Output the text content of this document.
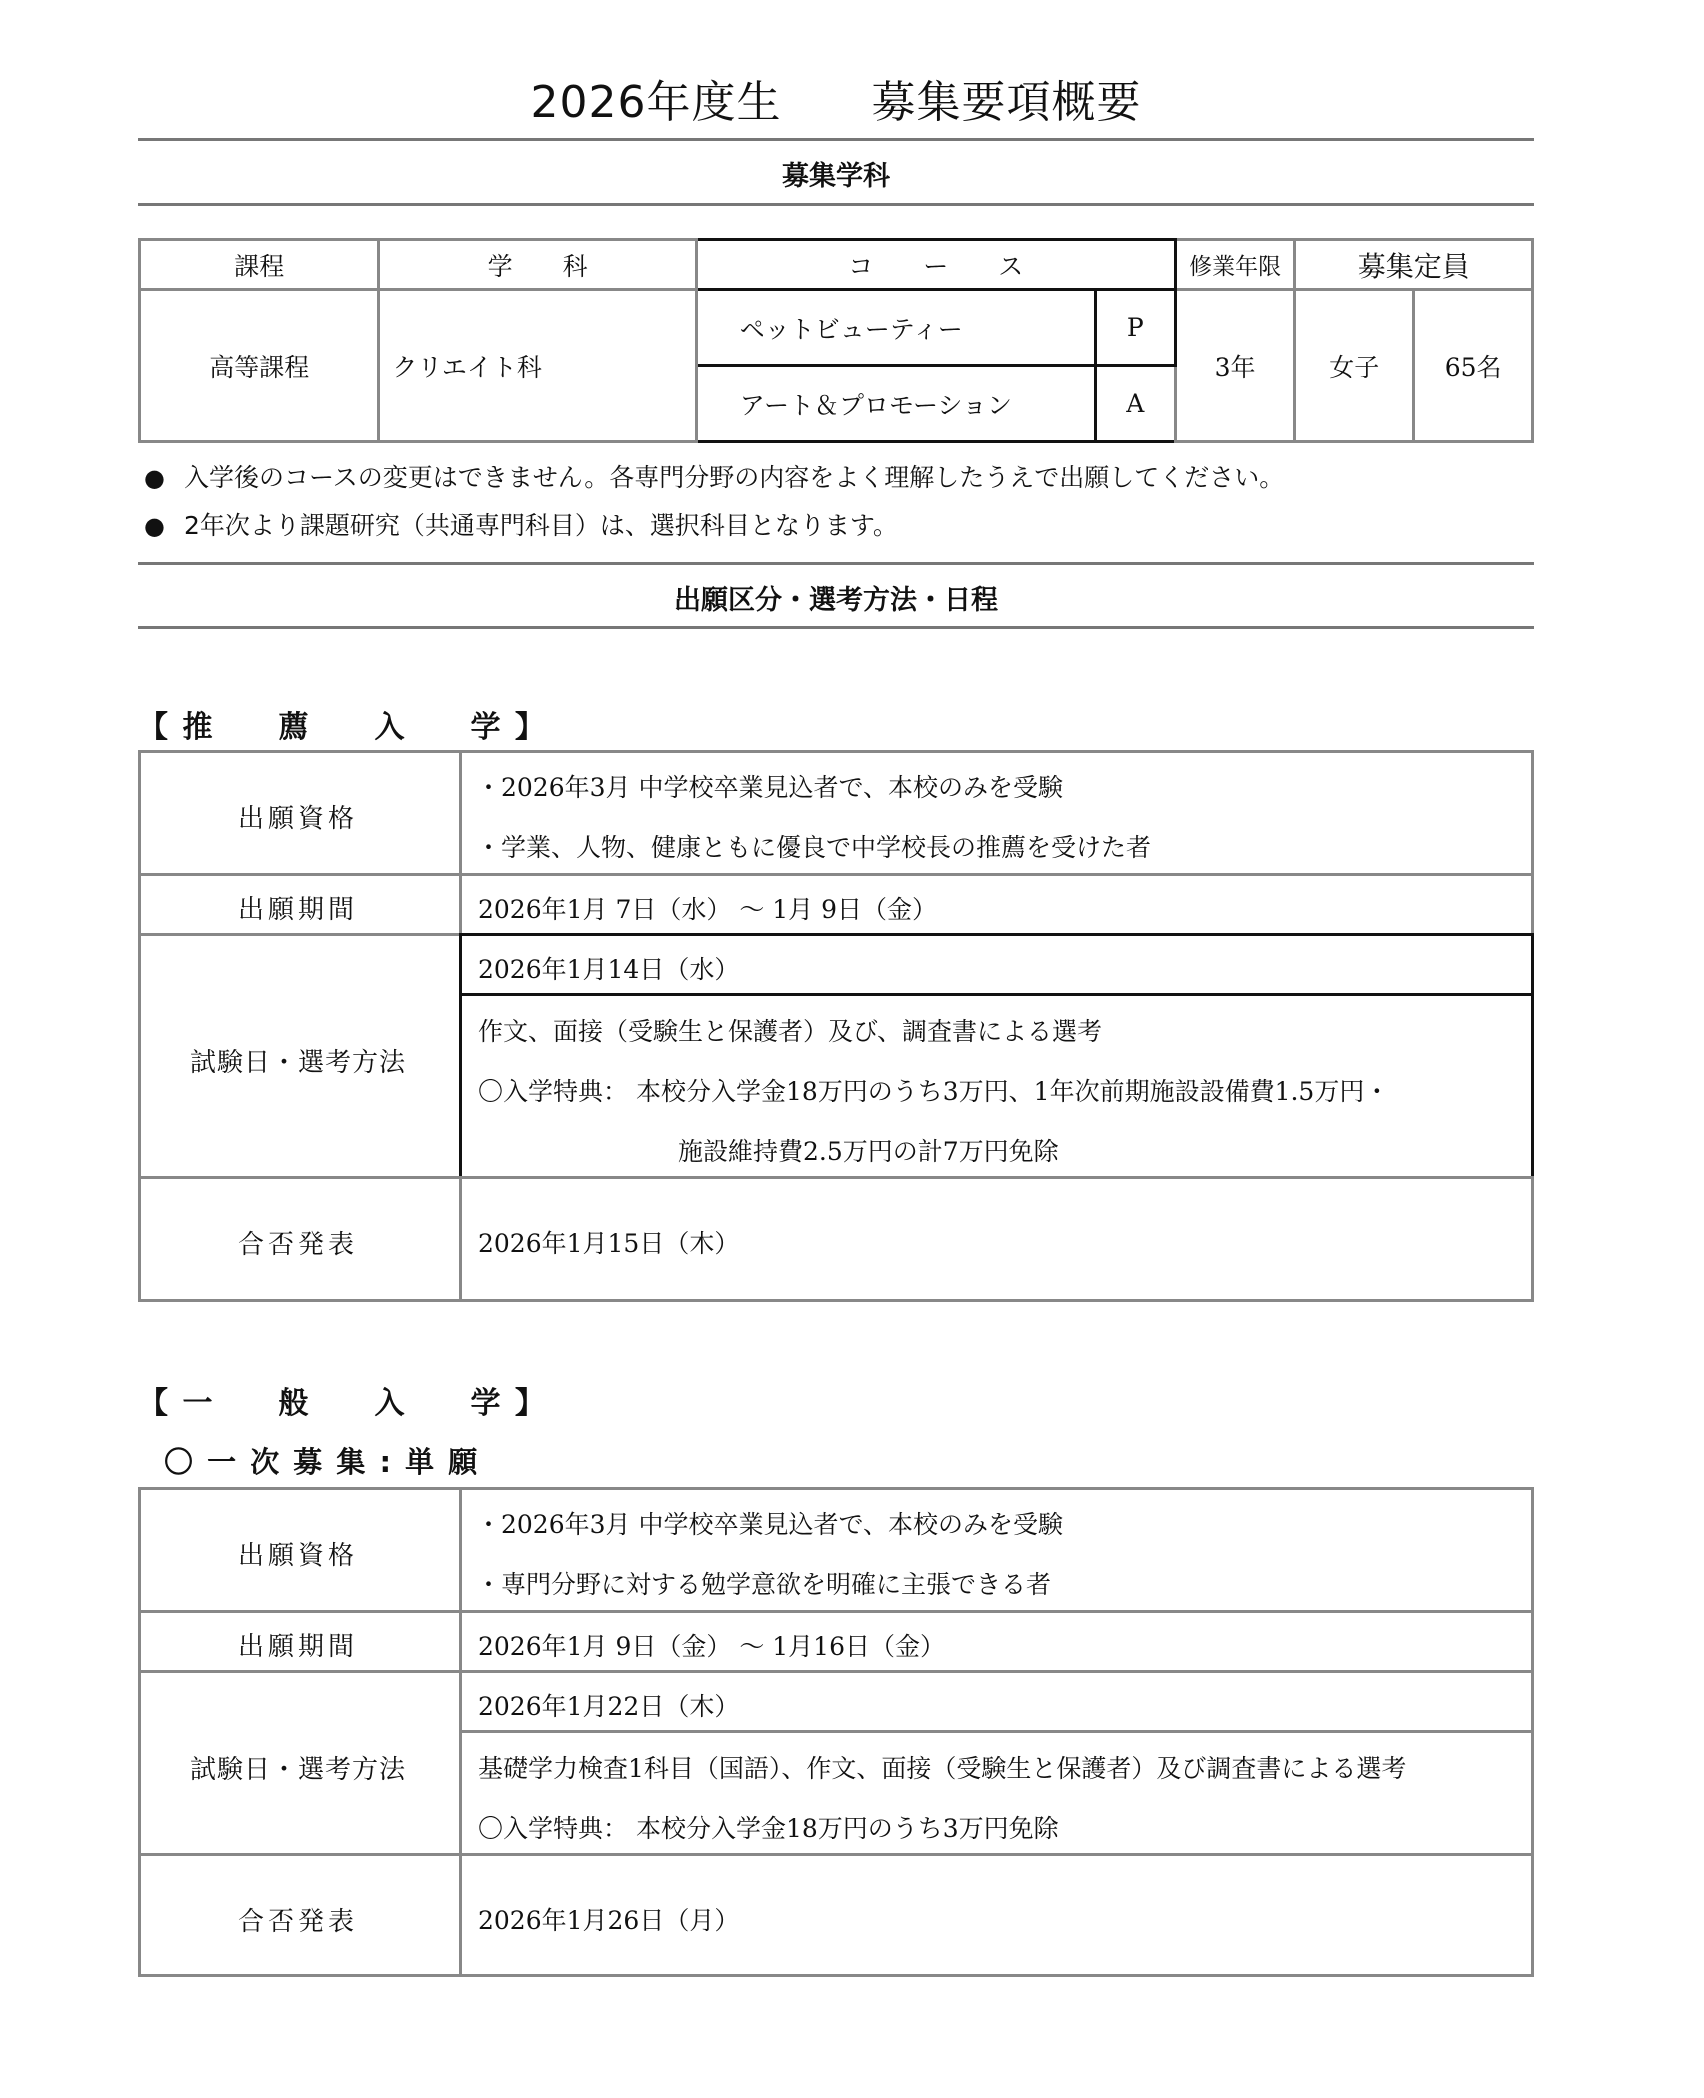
2026年度生　　募集要項概要
募集学科
課程	学　　科	コ　　ー　　ス		修業年限	募集定員	
高等課程	クリエイト科	ペットビューティー	P	3年	女子	65名
		アート＆プロモーション	A			
● 入学後のコースの変更はできません。各専門分野の内容をよく理解したうえで出願してください。
● 2年次より課題研究（共通専門科目）は、選択科目となります。
出願区分・選考方法・日程
【 推　　薦　　入　　学 】
出願資格
・2026年3月 中学校卒業見込者で、本校のみを受験
・学業、人物、健康ともに優良で中学校長の推薦を受けた者
出願期間	2026年1月 7日（水） ～ 1月 9日（金）
試験日・選考方法
2026年1月14日（水）
作文、面接（受験生と保護者）及び、調査書による選考
〇入学特典： 本校分入学金18万円のうち3万円、1年次前期施設設備費1.5万円・
　　　　　　　　施設維持費2.5万円の計7万円免除
合否発表	2026年1月15日（木）
【 一　　般　　入　　学 】
〇 一 次 募 集 : 単 願
出願資格
・2026年3月 中学校卒業見込者で、本校のみを受験
・専門分野に対する勉学意欲を明確に主張できる者
出願期間	2026年1月 9日（金） ～ 1月16日（金）
試験日・選考方法
2026年1月22日（木）
基礎学力検査1科目（国語）、作文、面接（受験生と保護者）及び調査書による選考
〇入学特典： 本校分入学金18万円のうち3万円免除
合否発表	2026年1月26日（月）
